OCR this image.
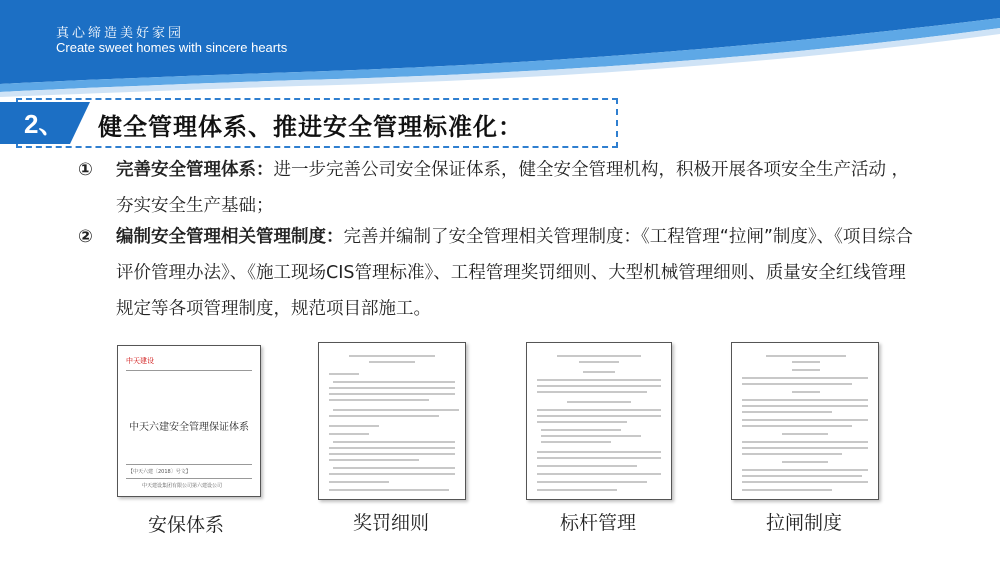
真心缔造美好家园
Create sweet homes with sincere hearts
2、 健全管理体系、推进安全管理标准化：
① 完善安全管理体系：进一步完善公司安全保证体系，健全安全管理机构，积极开展各项安全生产活动 ，夯实安全生产基础；
② 编制安全管理相关管理制度：完善并编制了安全管理相关管理制度：《工程管理“拉闸”制度》、《项目综合评价管理办法》、《施工现场CIS管理标准》、工程管理奖罚细则、大型机械管理细则、质量安全红线管理规定等各项管理制度，规范项目部施工。
中天建设
中天六建安全管理保证体系
【中天六建〔2018〕号文】
中天建设集团有限公司第六建设公司
安保体系	奖罚细则	标杆管理	拉闸制度
